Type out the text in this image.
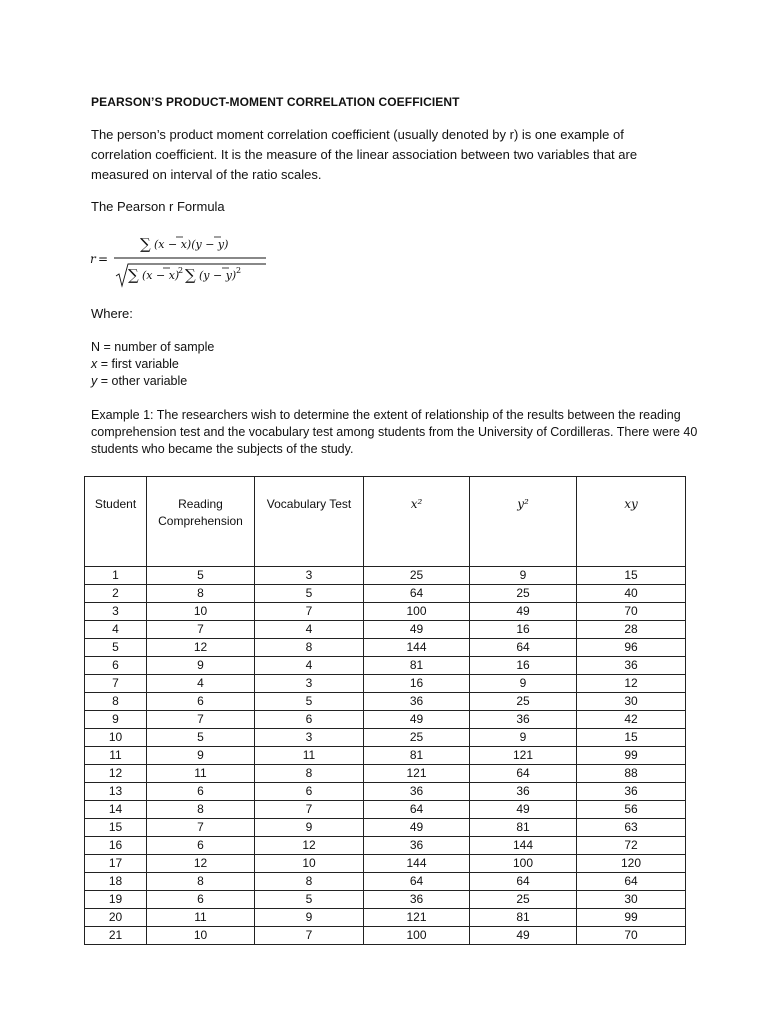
PEARSON’S PRODUCT-MOMENT CORRELATION COEFFICIENT
The person’s product moment correlation coefficient (usually denoted by r) is one example of correlation coefficient. It is the measure of the linear association between two variables that are measured on interval of the ratio scales.
The Pearson r Formula
r =
∑ (x − x)(y − y)
∑ (x − x)
2 ∑ (y − y) 2
Where:
N = number of sample
x = first variable
y = other variable
Example 1: The researchers wish to determine the extent of relationship of the results between the reading comprehension test and the vocabulary test among students from the University of Cordilleras. There were 40 students who became the subjects of the study.
Student	Reading Comprehension	Vocabulary Test	x²	y²	xy
1	5	3	25	9	15
2	8	5	64	25	40
3	10	7	100	49	70
4	7	4	49	16	28
5	12	8	144	64	96
6	9	4	81	16	36
7	4	3	16	9	12
8	6	5	36	25	30
9	7	6	49	36	42
10	5	3	25	9	15
11	9	11	81	121	99
12	11	8	121	64	88
13	6	6	36	36	36
14	8	7	64	49	56
15	7	9	49	81	63
16	6	12	36	144	72
17	12	10	144	100	120
18	8	8	64	64	64
19	6	5	36	25	30
20	11	9	121	81	99
21	10	7	100	49	70
